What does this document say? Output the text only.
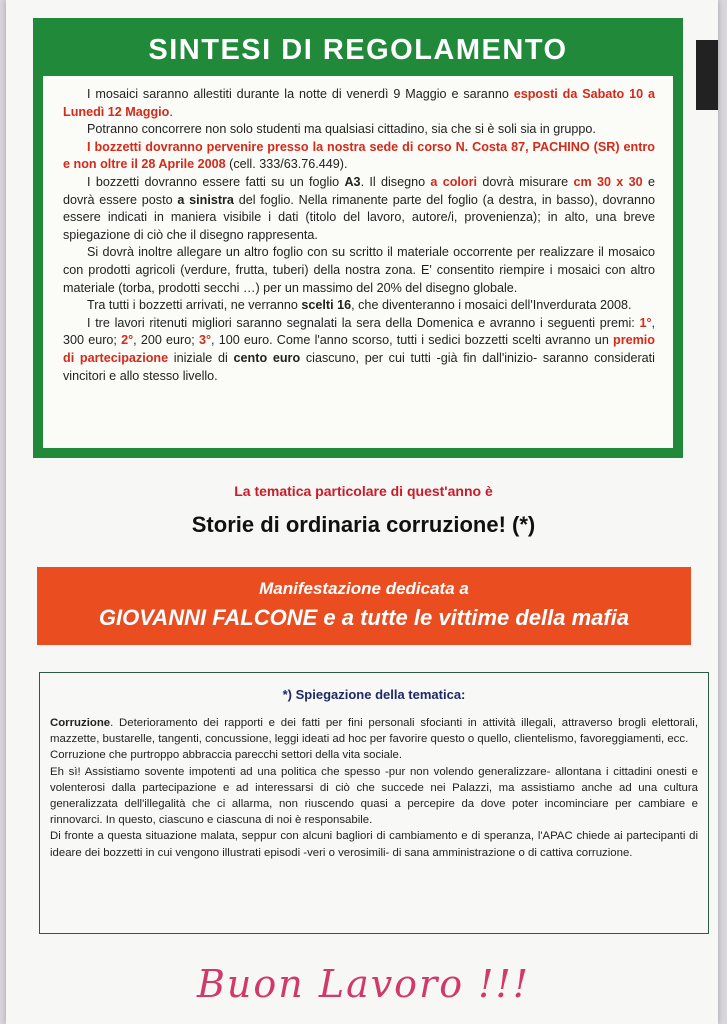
SINTESI DI REGOLAMENTO

I mosaici saranno allestiti durante la notte di venerdì 9 Maggio e saranno esposti da Sabato 10 a Lunedì 12 Maggio.

Potranno concorrere non solo studenti ma qualsiasi cittadino, sia che si è soli sia in gruppo.

I bozzetti dovranno pervenire presso la nostra sede di corso N. Costa 87, PACHINO (SR) entro e non oltre il 28 Aprile 2008 (cell. 333/63.76.449).

I bozzetti dovranno essere fatti su un foglio A3. Il disegno a colori dovrà misurare cm 30 x 30 e dovrà essere posto a sinistra del foglio. Nella rimanente parte del foglio (a destra, in basso), dovranno essere indicati in maniera visibile i dati (titolo del lavoro, autore/i, provenienza); in alto, una breve spiegazione di ciò che il disegno rappresenta.

Si dovrà inoltre allegare un altro foglio con su scritto il materiale occorrente per realizzare il mosaico con prodotti agricoli (verdure, frutta, tuberi) della nostra zona. E' consentito riempire i mosaici con altro materiale (torba, prodotti secchi …) per un massimo del 20% del disegno globale.

Tra tutti i bozzetti arrivati, ne verranno scelti 16, che diventeranno i mosaici dell'Inverdurata 2008.

I tre lavori ritenuti migliori saranno segnalati la sera della Domenica e avranno i seguenti premi: 1°, 300 euro; 2°, 200 euro; 3°, 100 euro. Come l'anno scorso, tutti i sedici bozzetti scelti avranno un premio di partecipazione iniziale di cento euro ciascuno, per cui tutti -già fin dall'inizio- saranno considerati vincitori e allo stesso livello.

La tematica particolare di quest'anno è
Storie di ordinaria corruzione! (*)
Manifestazione dedicata a
GIOVANNI FALCONE e a tutte le vittime della mafia
*) Spiegazione della tematica:

Corruzione. Deterioramento dei rapporti e dei fatti per fini personali sfocianti in attività illegali, attraverso brogli elettorali, mazzette, bustarelle, tangenti, concussione, leggi ideati ad hoc per favorire questo o quello, clientelismo, favoreggiamenti, ecc.

Corruzione che purtroppo abbraccia parecchi settori della vita sociale.

Eh sì! Assistiamo sovente impotenti ad una politica che spesso -pur non volendo generalizzare- allontana i cittadini onesti e volenterosi dalla partecipazione e ad interessarsi di ciò che succede nei Palazzi, ma assistiamo anche ad una cultura generalizzata dell'illegalità che ci allarma, non riuscendo quasi a percepire da dove poter incominciare per cambiare e rinnovarci. In questo, ciascuno e ciascuna di noi è responsabile.

Di fronte a questa situazione malata, seppur con alcuni bagliori di cambiamento e di speranza, l'APAC chiede ai partecipanti di ideare dei bozzetti in cui vengono illustrati episodi -veri o verosimili- di sana amministrazione o di cattiva corruzione.

Buon Lavoro !!!
